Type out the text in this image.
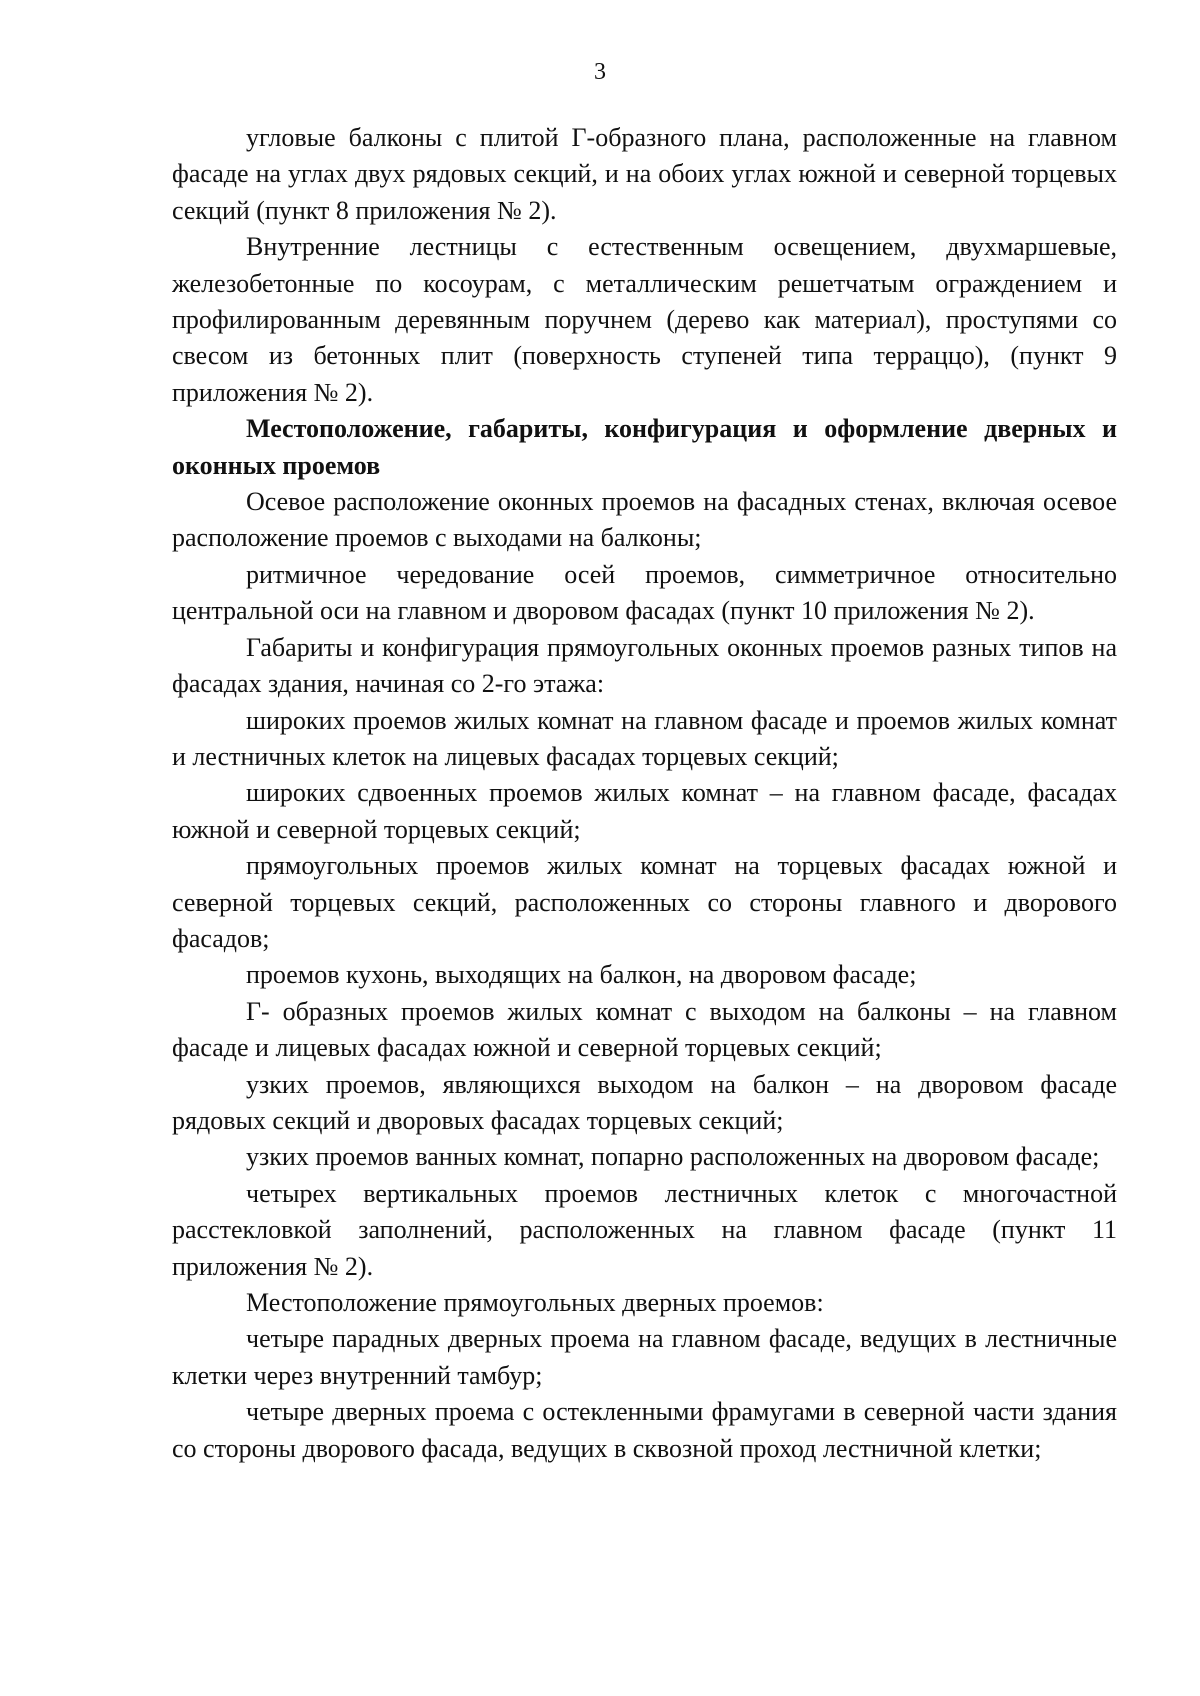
3

угловые балконы с плитой Г-образного плана, расположенные на главном фасаде на углах двух рядовых секций, и на обоих углах южной и северной торцевых секций (пункт 8 приложения № 2).

Внутренние лестницы с естественным освещением, двухмаршевые, железобетонные по косоурам, с металлическим решетчатым ограждением и профилированным деревянным поручнем (дерево как материал), проступями со свесом из бетонных плит (поверхность ступеней типа терраццо), (пункт 9 приложения № 2).

Местоположение, габариты, конфигурация и оформление дверных и оконных проемов

Осевое расположение оконных проемов на фасадных стенах, включая осевое расположение проемов с выходами на балконы;

ритмичное чередование осей проемов, симметричное относительно центральной оси на главном и дворовом фасадах (пункт 10 приложения № 2).

Габариты и конфигурация прямоугольных оконных проемов разных типов на фасадах здания, начиная со 2-го этажа:

широких проемов жилых комнат на главном фасаде и проемов жилых комнат и лестничных клеток на лицевых фасадах торцевых секций;

широких сдвоенных проемов жилых комнат – на главном фасаде, фасадах южной и северной торцевых секций;

прямоугольных проемов жилых комнат на торцевых фасадах южной и северной торцевых секций, расположенных со стороны главного и дворового фасадов;

проемов кухонь, выходящих на балкон, на дворовом фасаде;

Г- образных проемов жилых комнат с выходом на балконы – на главном фасаде и лицевых фасадах южной и северной торцевых секций;

узких проемов, являющихся выходом на балкон – на дворовом фасаде рядовых секций и дворовых фасадах торцевых секций;

узких проемов ванных комнат, попарно расположенных на дворовом фасаде;

четырех вертикальных проемов лестничных клеток с многочастной расстекловкой заполнений, расположенных на главном фасаде (пункт 11 приложения № 2).

Местоположение прямоугольных дверных проемов:

четыре парадных дверных проема на главном фасаде, ведущих в лестничные клетки через внутренний тамбур;

четыре дверных проема с остекленными фрамугами в северной части здания со стороны дворового фасада, ведущих в сквозной проход лестничной клетки;
